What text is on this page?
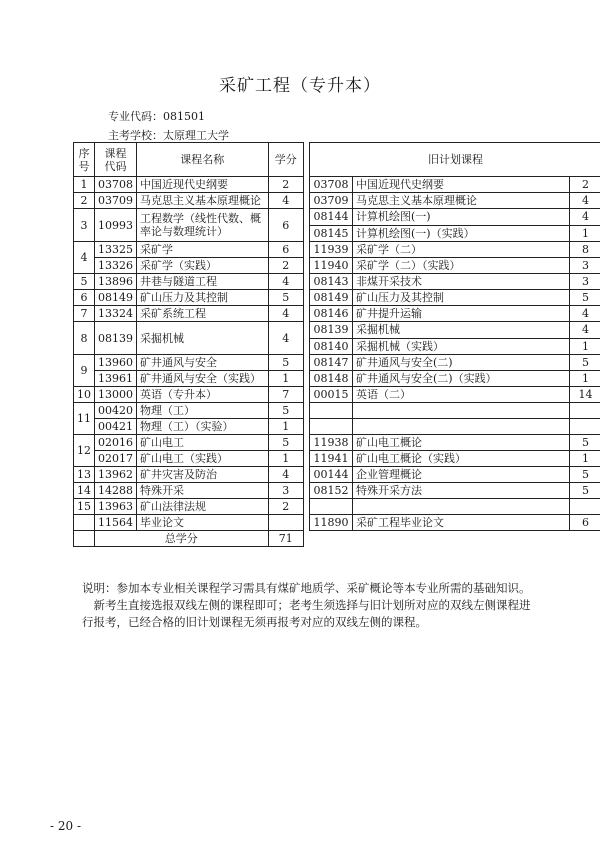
采矿工程（专升本）
专业代码：081501
主考学校：太原理工大学
序号	课程代码	课程名称	学分
1	03708	中国近现代史纲要	2
2	03709	马克思主义基本原理概论	4
3	10993	工程数学（线性代数、概率论与数理统计）	6
4	13325	采矿学	6
	13326	采矿学（实践）	2
5	13896	井巷与隧道工程	4
6	08149	矿山压力及其控制	5
7	13324	采矿系统工程	4
8	08139	采掘机械	4
9	13960	矿井通风与安全	5
	13961	矿井通风与安全（实践）	1
10	13000	英语（专升本）	7
11	00420	物理（工）	5
	00421	物理（工）（实验）	1
12	02016	矿山电工	5
	02017	矿山电工（实践）	1
13	13962	矿井灾害及防治	4
14	14288	特殊开采	3
15	13963	矿山法律法规	2
	11564	毕业论文	
	总学分		71
旧计划课程		
03708	中国近现代史纲要	2
03709	马克思主义基本原理概论	4
08144	计算机绘图(一)	4
08145	计算机绘图(一)（实践）	1
11939	采矿学（二）	8
11940	采矿学（二）（实践）	3
08143	非煤开采技术	3
08149	矿山压力及其控制	5
08146	矿井提升运输	4
08139	采掘机械	4
08140	采掘机械（实践）	1
08147	矿井通风与安全(二)	5
08148	矿井通风与安全(二)（实践）	1
00015	英语（二）	14

11938	矿山电工概论	5
11941	矿山电工概论（实践）	1
00144	企业管理概论	5
08152	特殊开采方法	5

11890	采矿工程毕业论文	6

说明：参加本专业相关课程学习需具有煤矿地质学、采矿概论等本专业所需的基础知识。

新考生直接选报双线左侧的课程即可；老考生须选择与旧计划所对应的双线左侧课程进行报考，已经合格的旧计划课程无须再报考对应的双线左侧的课程。

- 20 -
